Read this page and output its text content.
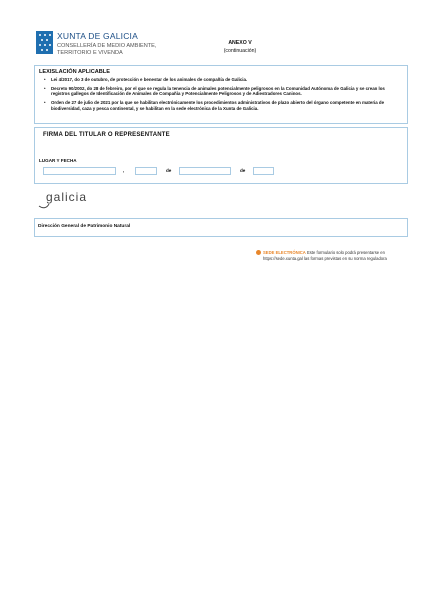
XUNTA DE GALICIA
CONSELLERÍA DE MEDIO AMBIENTE,
TERRITORIO E VIVENDA
ANEXO V
(continuación)
LEXISLACIÓN APLICABLE
• Lei 4/2017, do 3 de outubro, de protección e benestar de los animales de compañía de Galicia.
• Decreto 90/2002, do 28 de febreiro, por el que se regula la tenencia de animales potencialmente peligrosos en la Comunidad Autónoma de Galicia y se crean los registros gallegos de Identificación de Animales de Compañía y Potencialmente Peligrosos y de Adiestradores Caninos.
• Orden de 27 de julio de 2021 por la que se habilitan electrónicamente los procedimientos administrativos de plazo abierto del órgano competente en materia de biodiversidad, caza y pesca continental, y se habilitan en la sede electrónica de la Xunta de Galicia.
FIRMA DEL TITULAR O REPRESENTANTE
LUGAR Y FECHA
,	de	de
galicia
Dirección General de Patrimonio Natural
SEDE ELECTRÓNICA Este formulario solo podrá presentarse en
https://sede.xunta.gal las formas previstas en su norma reguladora
